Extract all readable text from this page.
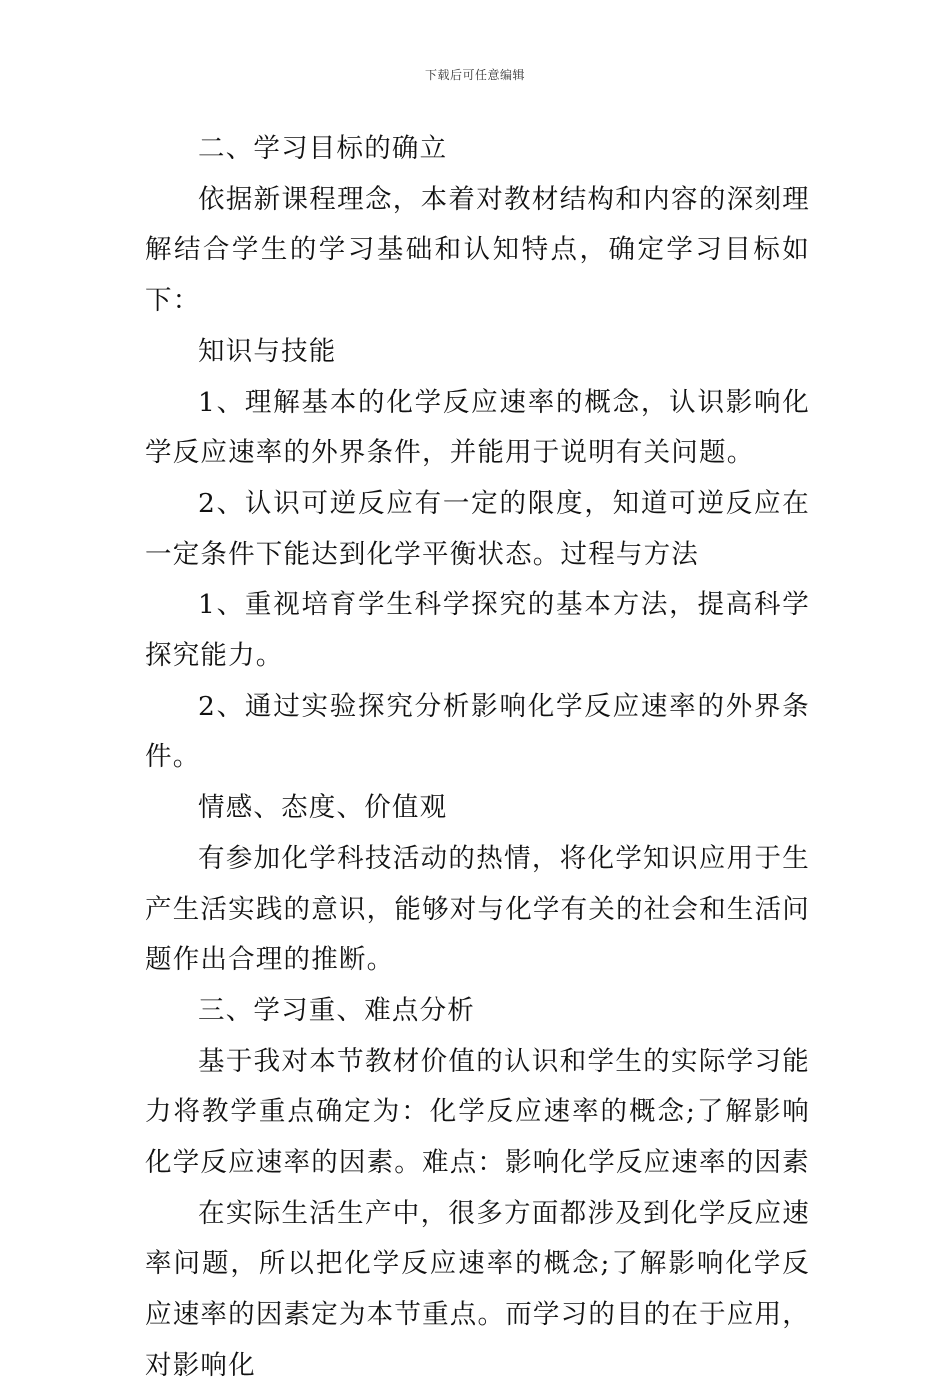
下载后可任意编辑

二、学习目标的确立

依据新课程理念，本着对教材结构和内容的深刻理解结合学生的学习基础和认知特点，确定学习目标如下：

知识与技能

1、理解基本的化学反应速率的概念，认识影响化学反应速率的外界条件，并能用于说明有关问题。

2、认识可逆反应有一定的限度，知道可逆反应在一定条件下能达到化学平衡状态。过程与方法

1、重视培育学生科学探究的基本方法，提高科学探究能力。

2、通过实验探究分析影响化学反应速率的外界条件。

情感、态度、价值观

有参加化学科技活动的热情，将化学知识应用于生产生活实践的意识，能够对与化学有关的社会和生活问题作出合理的推断。

三、学习重、难点分析

基于我对本节教材价值的认识和学生的实际学习能力将教学重点确定为：化学反应速率的概念;了解影响化学反应速率的因素。难点：影响化学反应速率的因素

在实际生活生产中，很多方面都涉及到化学反应速率问题，所以把化学反应速率的概念;了解影响化学反应速率的因素定为本节重点。而学习的目的在于应用，对影响化
